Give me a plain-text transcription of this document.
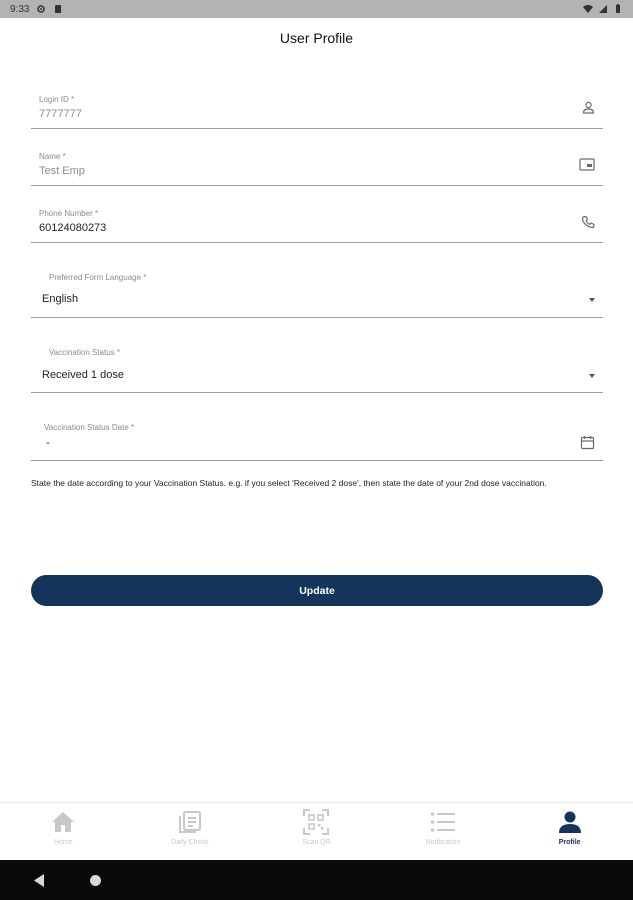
9:33
User Profile
Login ID *
7777777
Name *
Test Emp
Phone Number *
60124080273
Preferred Form Language *
English
Vaccination Status *
Received 1 dose
Vaccination Status Date *
-
State the date according to your Vaccination Status. e.g. if you select 'Received 2 dose', then state the date of your 2nd dose vaccination.
Update
Home	Daily Check	Scan QR	Notification	Profile
